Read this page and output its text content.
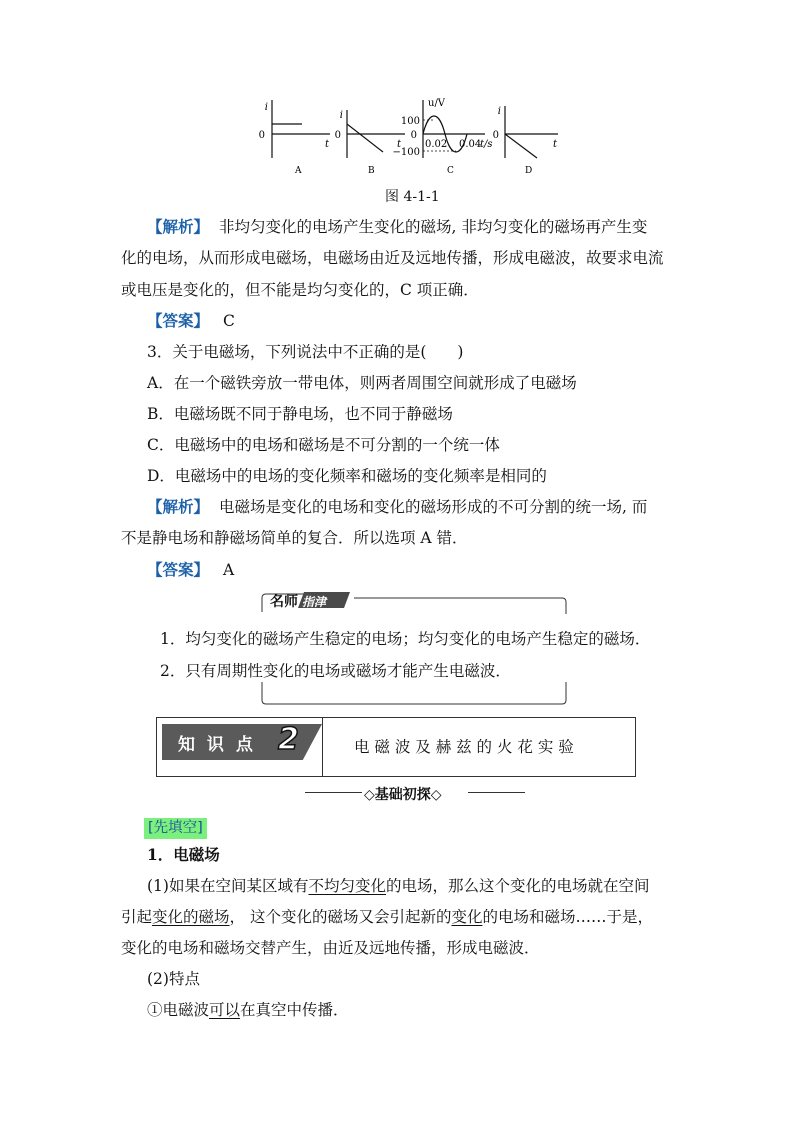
i
0
t
A
i
0
t
B
u/V
100
0
−100
0.02 0.04
t/s
C
i
0
t
D
图 4-1-1
【解析】 非均匀变化的电场产生变化的磁场, 非均匀变化的磁场再产生变
化的电场，从而形成电磁场，电磁场由近及远地传播，形成电磁波，故要求电流
或电压是变化的，但不能是均匀变化的，C 项正确．
【答案】 C
3．关于电磁场，下列说法中不正确的是(　　)
A．在一个磁铁旁放一带电体，则两者周围空间就形成了电磁场
B．电磁场既不同于静电场，也不同于静磁场
C．电磁场中的电场和磁场是不可分割的一个统一体
D．电磁场中的电场的变化频率和磁场的变化频率是相同的
【解析】 电磁场是变化的电场和变化的磁场形成的不可分割的统一场, 而
不是静电场和静磁场简单的复合．所以选项 A 错．
【答案】 A
名师 指津
1．均匀变化的磁场产生稳定的电场；均匀变化的电场产生稳定的磁场．
2．只有周期性变化的电场或磁场才能产生电磁波．
知 识 点 2	电 磁 波 及 赫 兹 的 火 花 实 验
◇基础初探◇
[先填空]
1．电磁场
(1)如果在空间某区域有不均匀变化的电场，那么这个变化的电场就在空间
引起变化的磁场， 这个变化的磁场又会引起新的变化的电场和磁场……于是，
变化的电场和磁场交替产生，由近及远地传播，形成电磁波．
(2)特点
①电磁波可以在真空中传播．
